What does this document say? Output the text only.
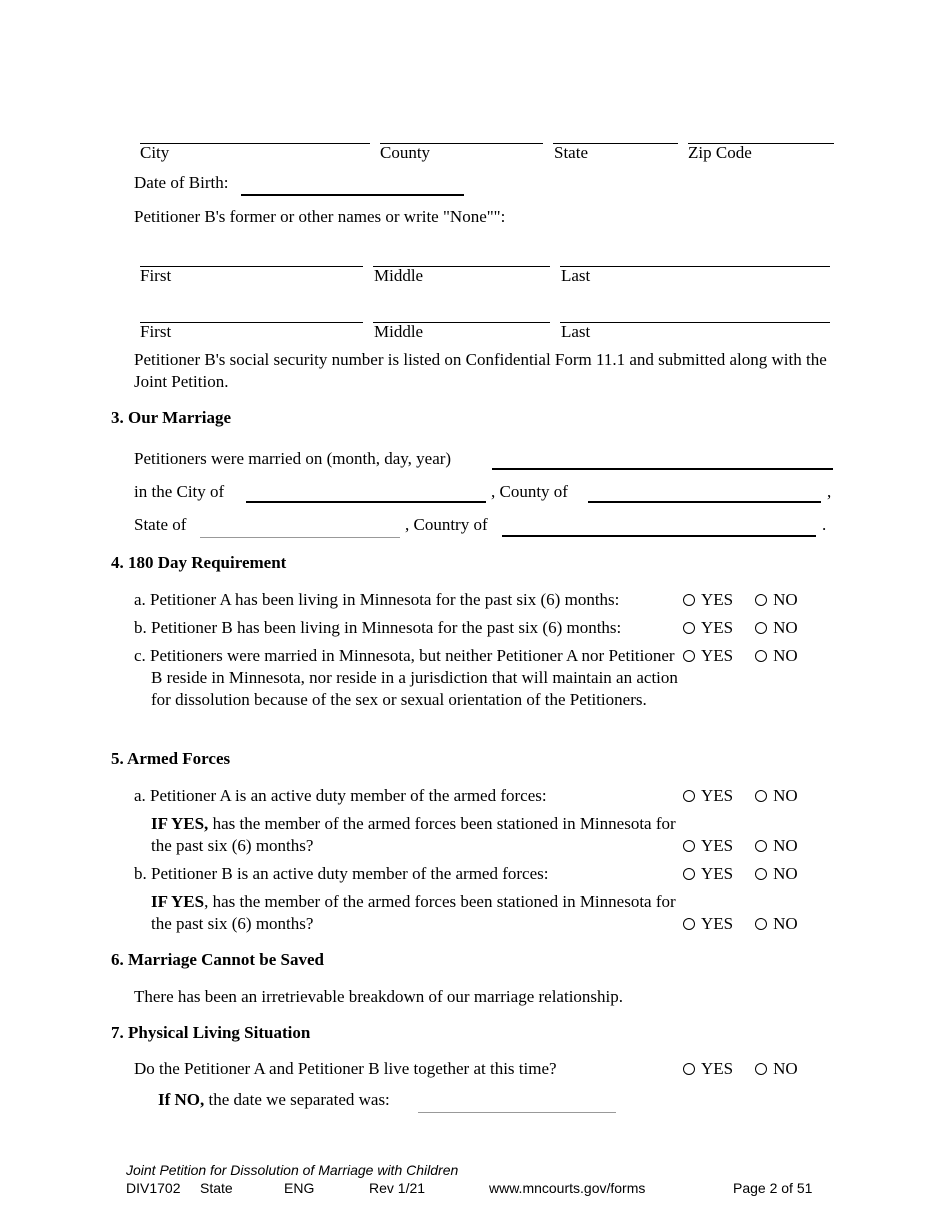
City	County	State	Zip Code
Date of Birth:
Petitioner B's former or other names or write "None"":
First	Middle	Last
First	Middle	Last
Petitioner B's social security number is listed on Confidential Form 11.1 and submitted along with the Joint Petition.
3. Our Marriage
Petitioners were married on (month, day, year)
in the City of	, County of	,
State of	, Country of	.
4. 180 Day Requirement
a. Petitioner A has been living in Minnesota for the past six (6) months:	YES NO
b. Petitioner B has been living in Minnesota for the past six (6) months:	YES NO
c. Petitioners were married in Minnesota, but neither Petitioner A nor Petitioner B reside in Minnesota, nor reside in a jurisdiction that will maintain an action for dissolution because of the sex or sexual orientation of the Petitioners.
YES NO
5. Armed Forces
a. Petitioner A is an active duty member of the armed forces:	YES NO
IF YES, has the member of the armed forces been stationed in Minnesota for the past six (6) months?	YES NO
b. Petitioner B is an active duty member of the armed forces:	YES NO
IF YES, has the member of the armed forces been stationed in Minnesota for the past six (6) months?	YES NO
6. Marriage Cannot be Saved
There has been an irretrievable breakdown of our marriage relationship.
7. Physical Living Situation
Do the Petitioner A and Petitioner B live together at this time?	YES NO
If NO, the date we separated was:
Joint Petition for Dissolution of Marriage with Children
DIV1702 State	ENG	Rev 1/21	www.mncourts.gov/forms	Page 2 of 51
